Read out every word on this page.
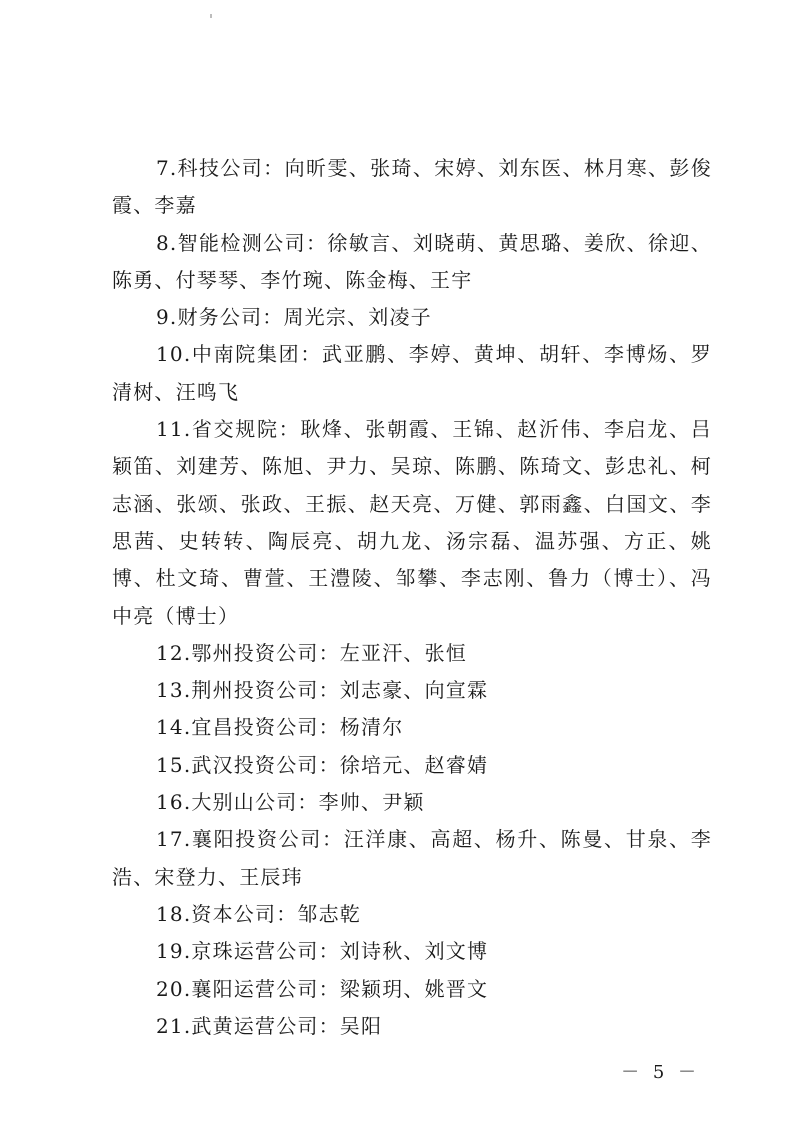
7.科技公司：向昕雯、张琦、宋婷、刘东医、林月寒、彭俊霞、李嘉

8.智能检测公司：徐敏言、刘晓萌、黄思璐、姜欣、徐迎、陈勇、付琴琴、李竹琬、陈金梅、王宇

9.财务公司：周光宗、刘凌子

10.中南院集团：武亚鹏、李婷、黄坤、胡轩、李博炀、罗清树、汪鸣飞

11.省交规院：耿烽、张朝霞、王锦、赵沂伟、李启龙、吕颖笛、刘建芳、陈旭、尹力、吴琼、陈鹏、陈琦文、彭忠礼、柯志涵、张颂、张政、王振、赵天亮、万健、郭雨鑫、白国文、李思茜、史转转、陶辰亮、胡九龙、汤宗磊、温苏强、方正、姚博、杜文琦、曹萱、王澧陵、邹攀、李志刚、鲁力（博士）、冯中亮（博士）

12.鄂州投资公司：左亚汗、张恒

13.荆州投资公司：刘志豪、向宣霖

14.宜昌投资公司：杨清尔

15.武汉投资公司：徐培元、赵睿婧

16.大别山公司：李帅、尹颖

17.襄阳投资公司：汪洋康、高超、杨升、陈曼、甘泉、李浩、宋登力、王辰玮

18.资本公司：邹志乾

19.京珠运营公司：刘诗秋、刘文博

20.襄阳运营公司：梁颖玥、姚晋文

21.武黄运营公司：吴阳

－ 5 －
